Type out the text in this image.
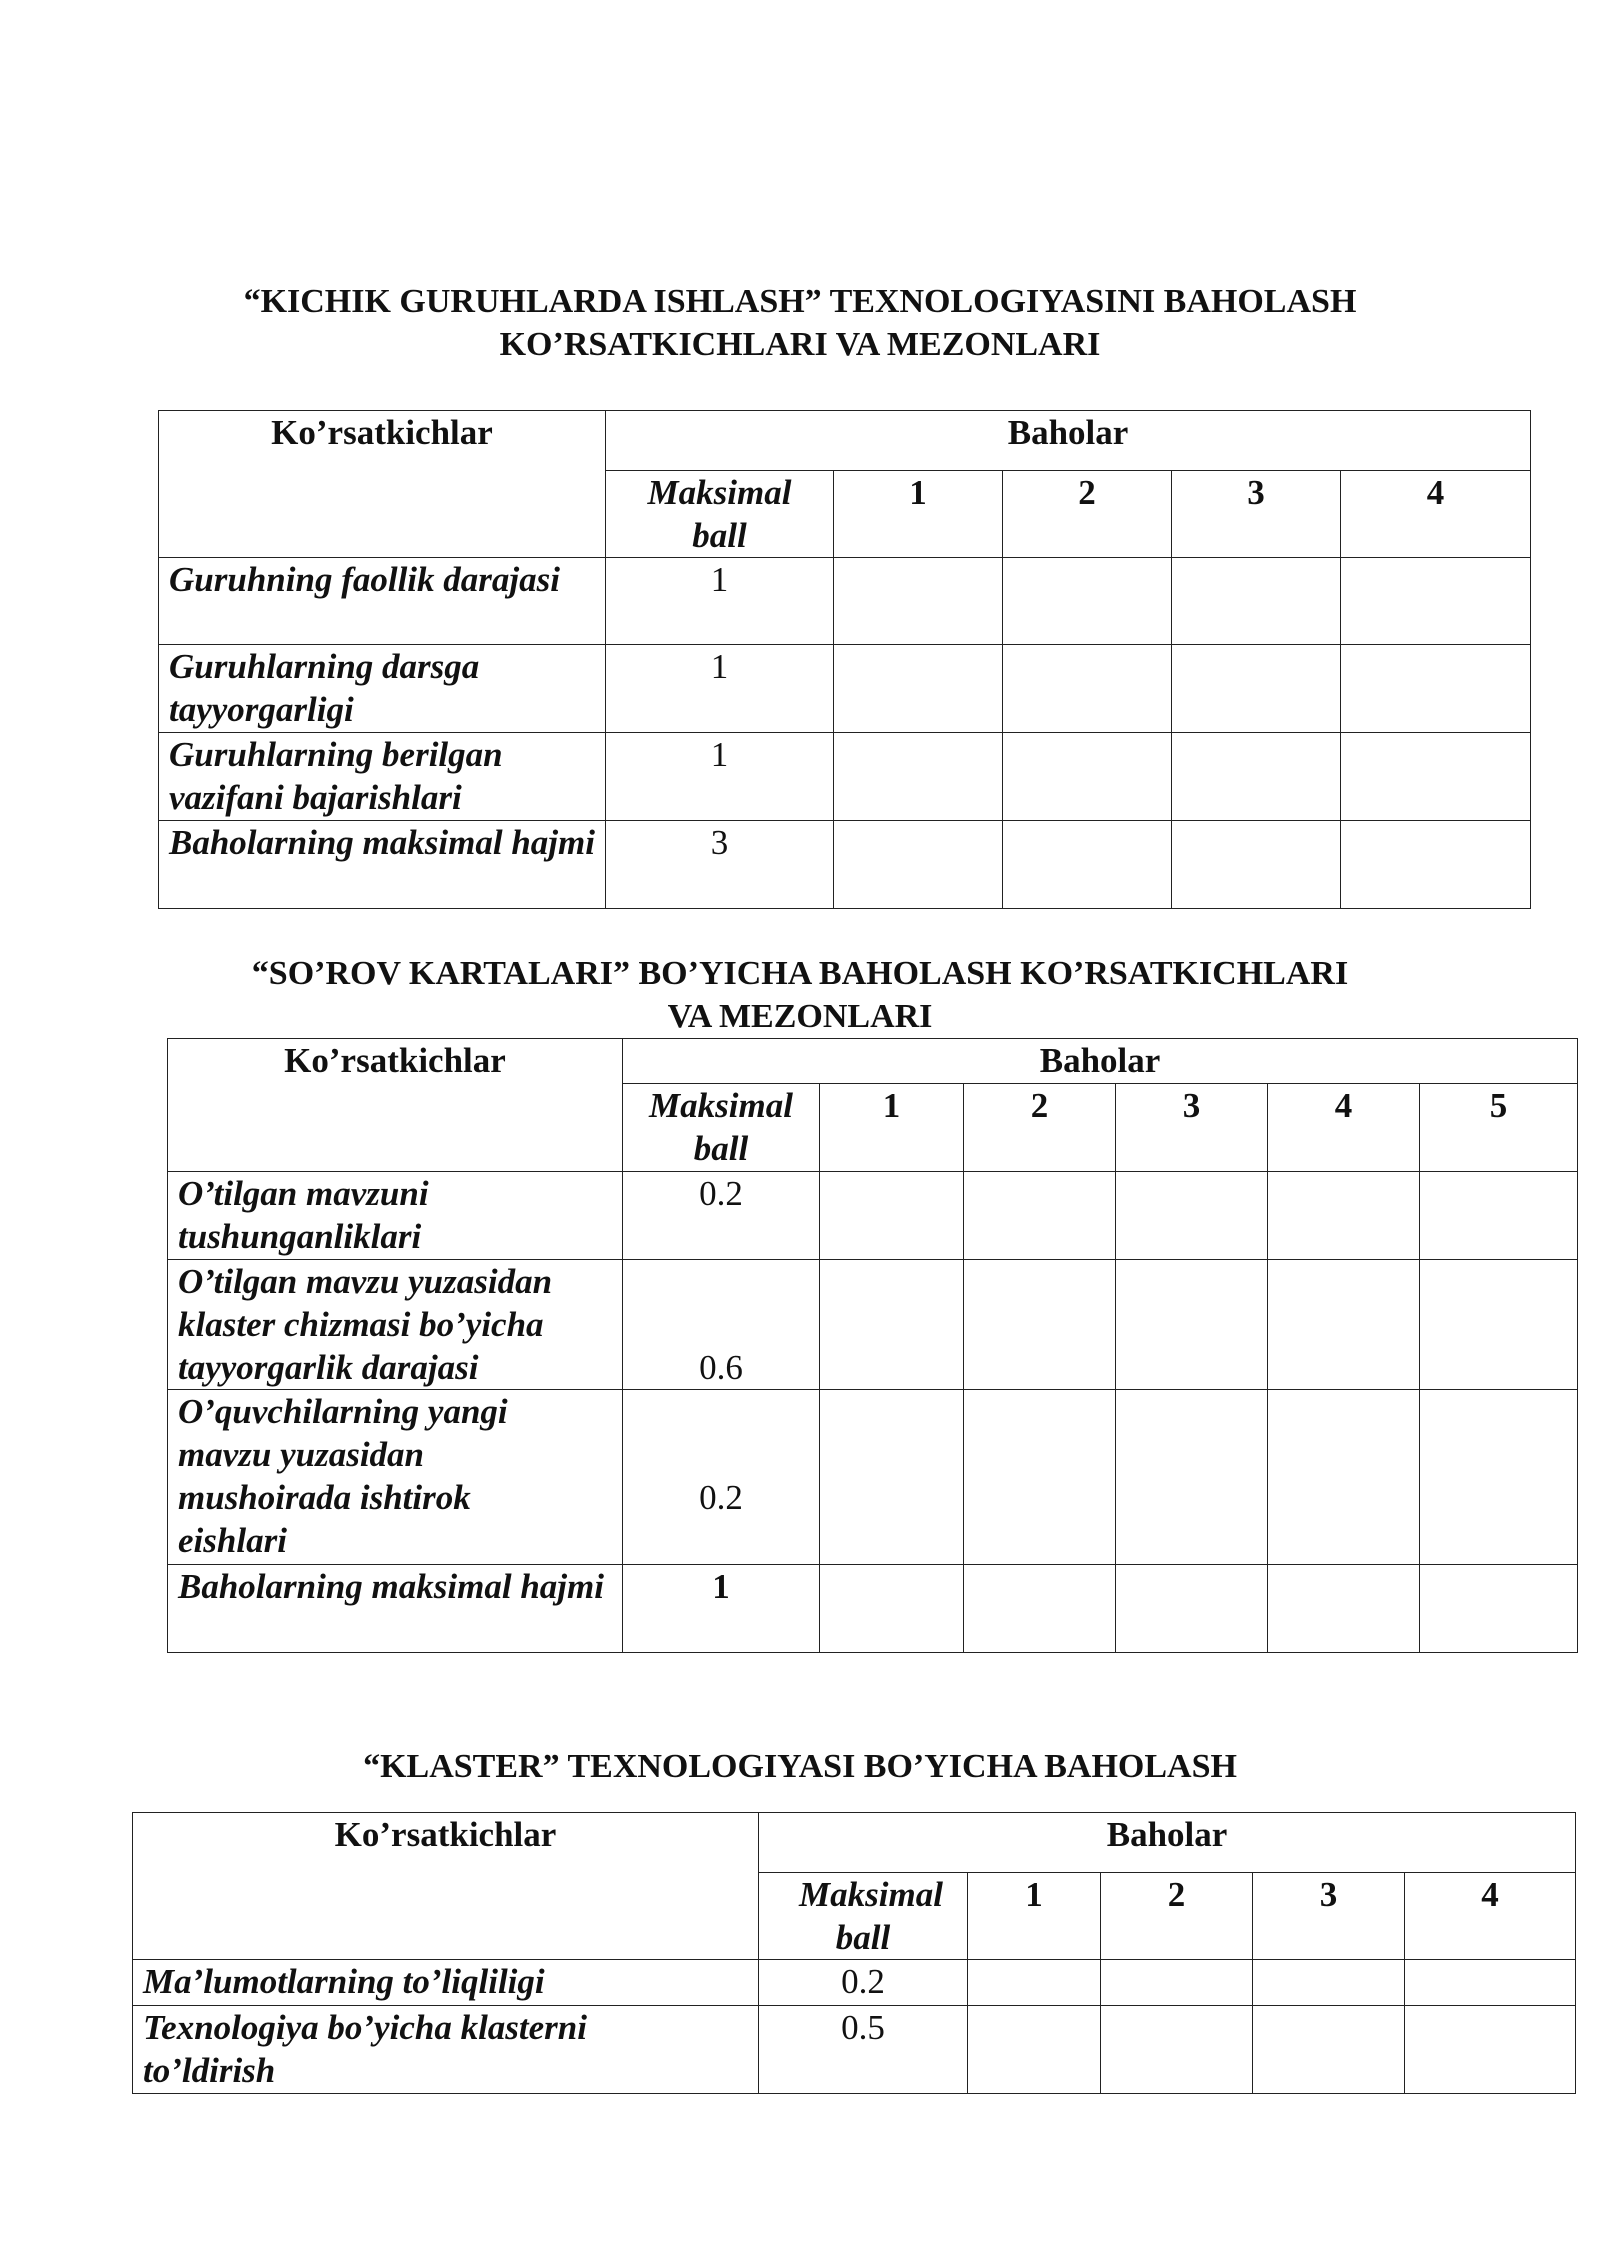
“KICHIK GURUHLARDA ISHLASH” TEXNOLOGIYASINI BAHOLASH
KO’RSATKICHLARI VA MEZONLARI
Ko’rsatkichlar	Baholar				
	Maksimal ball	1	2	3	4
Guruhning faollik darajasi	1				
Guruhlarning darsga tayyorgarligi	1				
Guruhlarning berilgan vazifani bajarishlari	1				
Baholarning maksimal hajmi	3				
“SO’ROV KARTALARI” BO’YICHA BAHOLASH KO’RSATKICHLARI
VA MEZONLARI
Ko’rsatkichlar	Baholar					
	Maksimal ball	1	2	3	4	5
O’tilgan mavzuni tushunganliklari	0.2					
O’tilgan mavzu yuzasidan klaster chizmasi bo’yicha tayyorgarlik darajasi	0.6					
O’quvchilarning yangi mavzu yuzasidan mushoirada ishtirok eishlari	0.2					
Baholarning maksimal hajmi	1					
“KLASTER” TEXNOLOGIYASI BO’YICHA BAHOLASH
Ko’rsatkichlar	Baholar				
	Maksimal ball	1	2	3	4
Ma’lumotlarning to’liqliligi	0.2				
Texnologiya bo’yicha klasterni to’ldirish	0.5				
